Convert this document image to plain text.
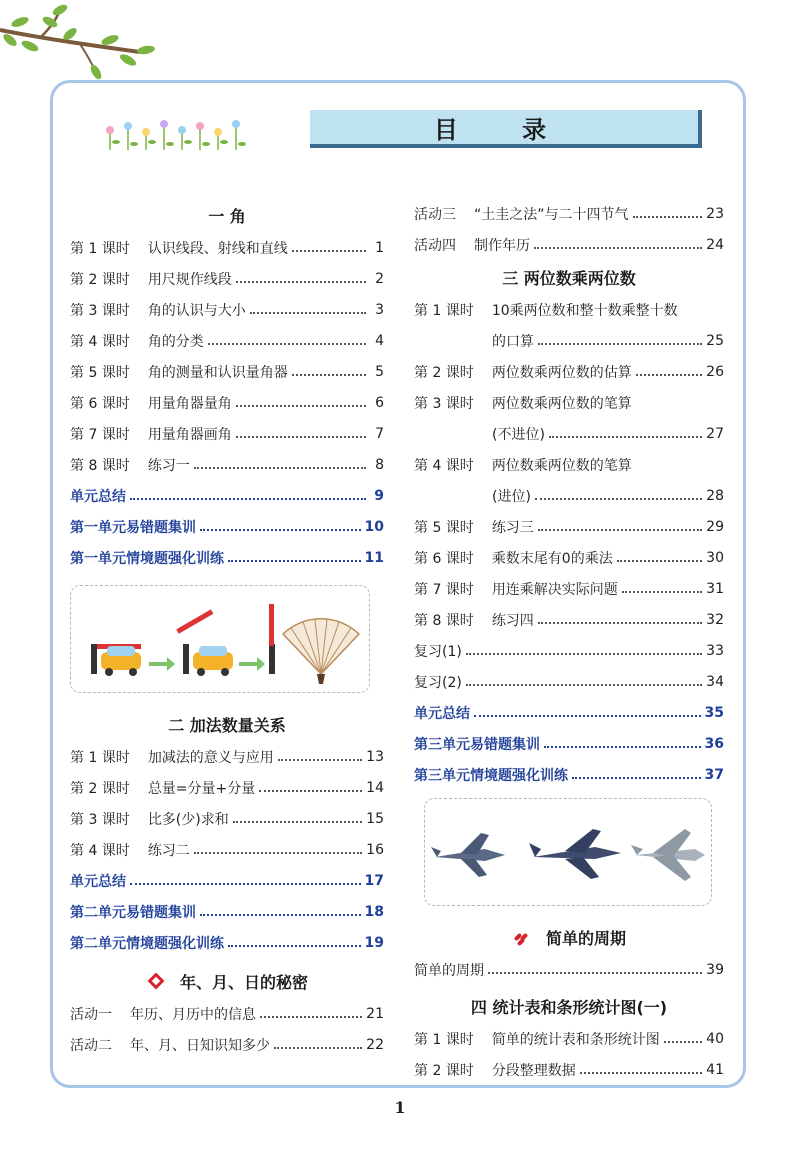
目 录
一 角
第 1 课时 认识线段、射线和直线	1
第 2 课时 用尺规作线段	2
第 3 课时 角的认识与大小	3
第 4 课时 角的分类	4
第 5 课时 角的测量和认识量角器	5
第 6 课时 用量角器量角	6
第 7 课时 用量角器画角	7
第 8 课时 练习一	8
单元总结	9
第一单元易错题集训	10
第一单元情境题强化训练	11
二 加法数量关系
第 1 课时 加减法的意义与应用	13
第 2 课时 总量=分量+分量	14
第 3 课时 比多(少)求和	15
第 4 课时 练习二	16
单元总结	17
第二单元易错题集训	18
第二单元情境题强化训练	19
年、月、日的秘密
活动一 年历、月历中的信息	21
活动二 年、月、日知识知多少	22
活动三 “土圭之法”与二十四节气	23
活动四 制作年历	24
三 两位数乘两位数
第 1 课时 10乘两位数和整十数乘整十数
的口算	25
第 2 课时 两位数乘两位数的估算	26
第 3 课时 两位数乘两位数的笔算
(不进位)	27
第 4 课时 两位数乘两位数的笔算
(进位)	28
第 5 课时 练习三	29
第 6 课时 乘数末尾有0的乘法	30
第 7 课时 用连乘解决实际问题	31
第 8 课时 练习四	32
复习(1)	33
复习(2)	34
单元总结	35
第三单元易错题集训	36
第三单元情境题强化训练	37
简单的周期
简单的周期	39
四 统计表和条形统计图(一)
第 1 课时 简单的统计表和条形统计图	40
第 2 课时 分段整理数据	41
1
